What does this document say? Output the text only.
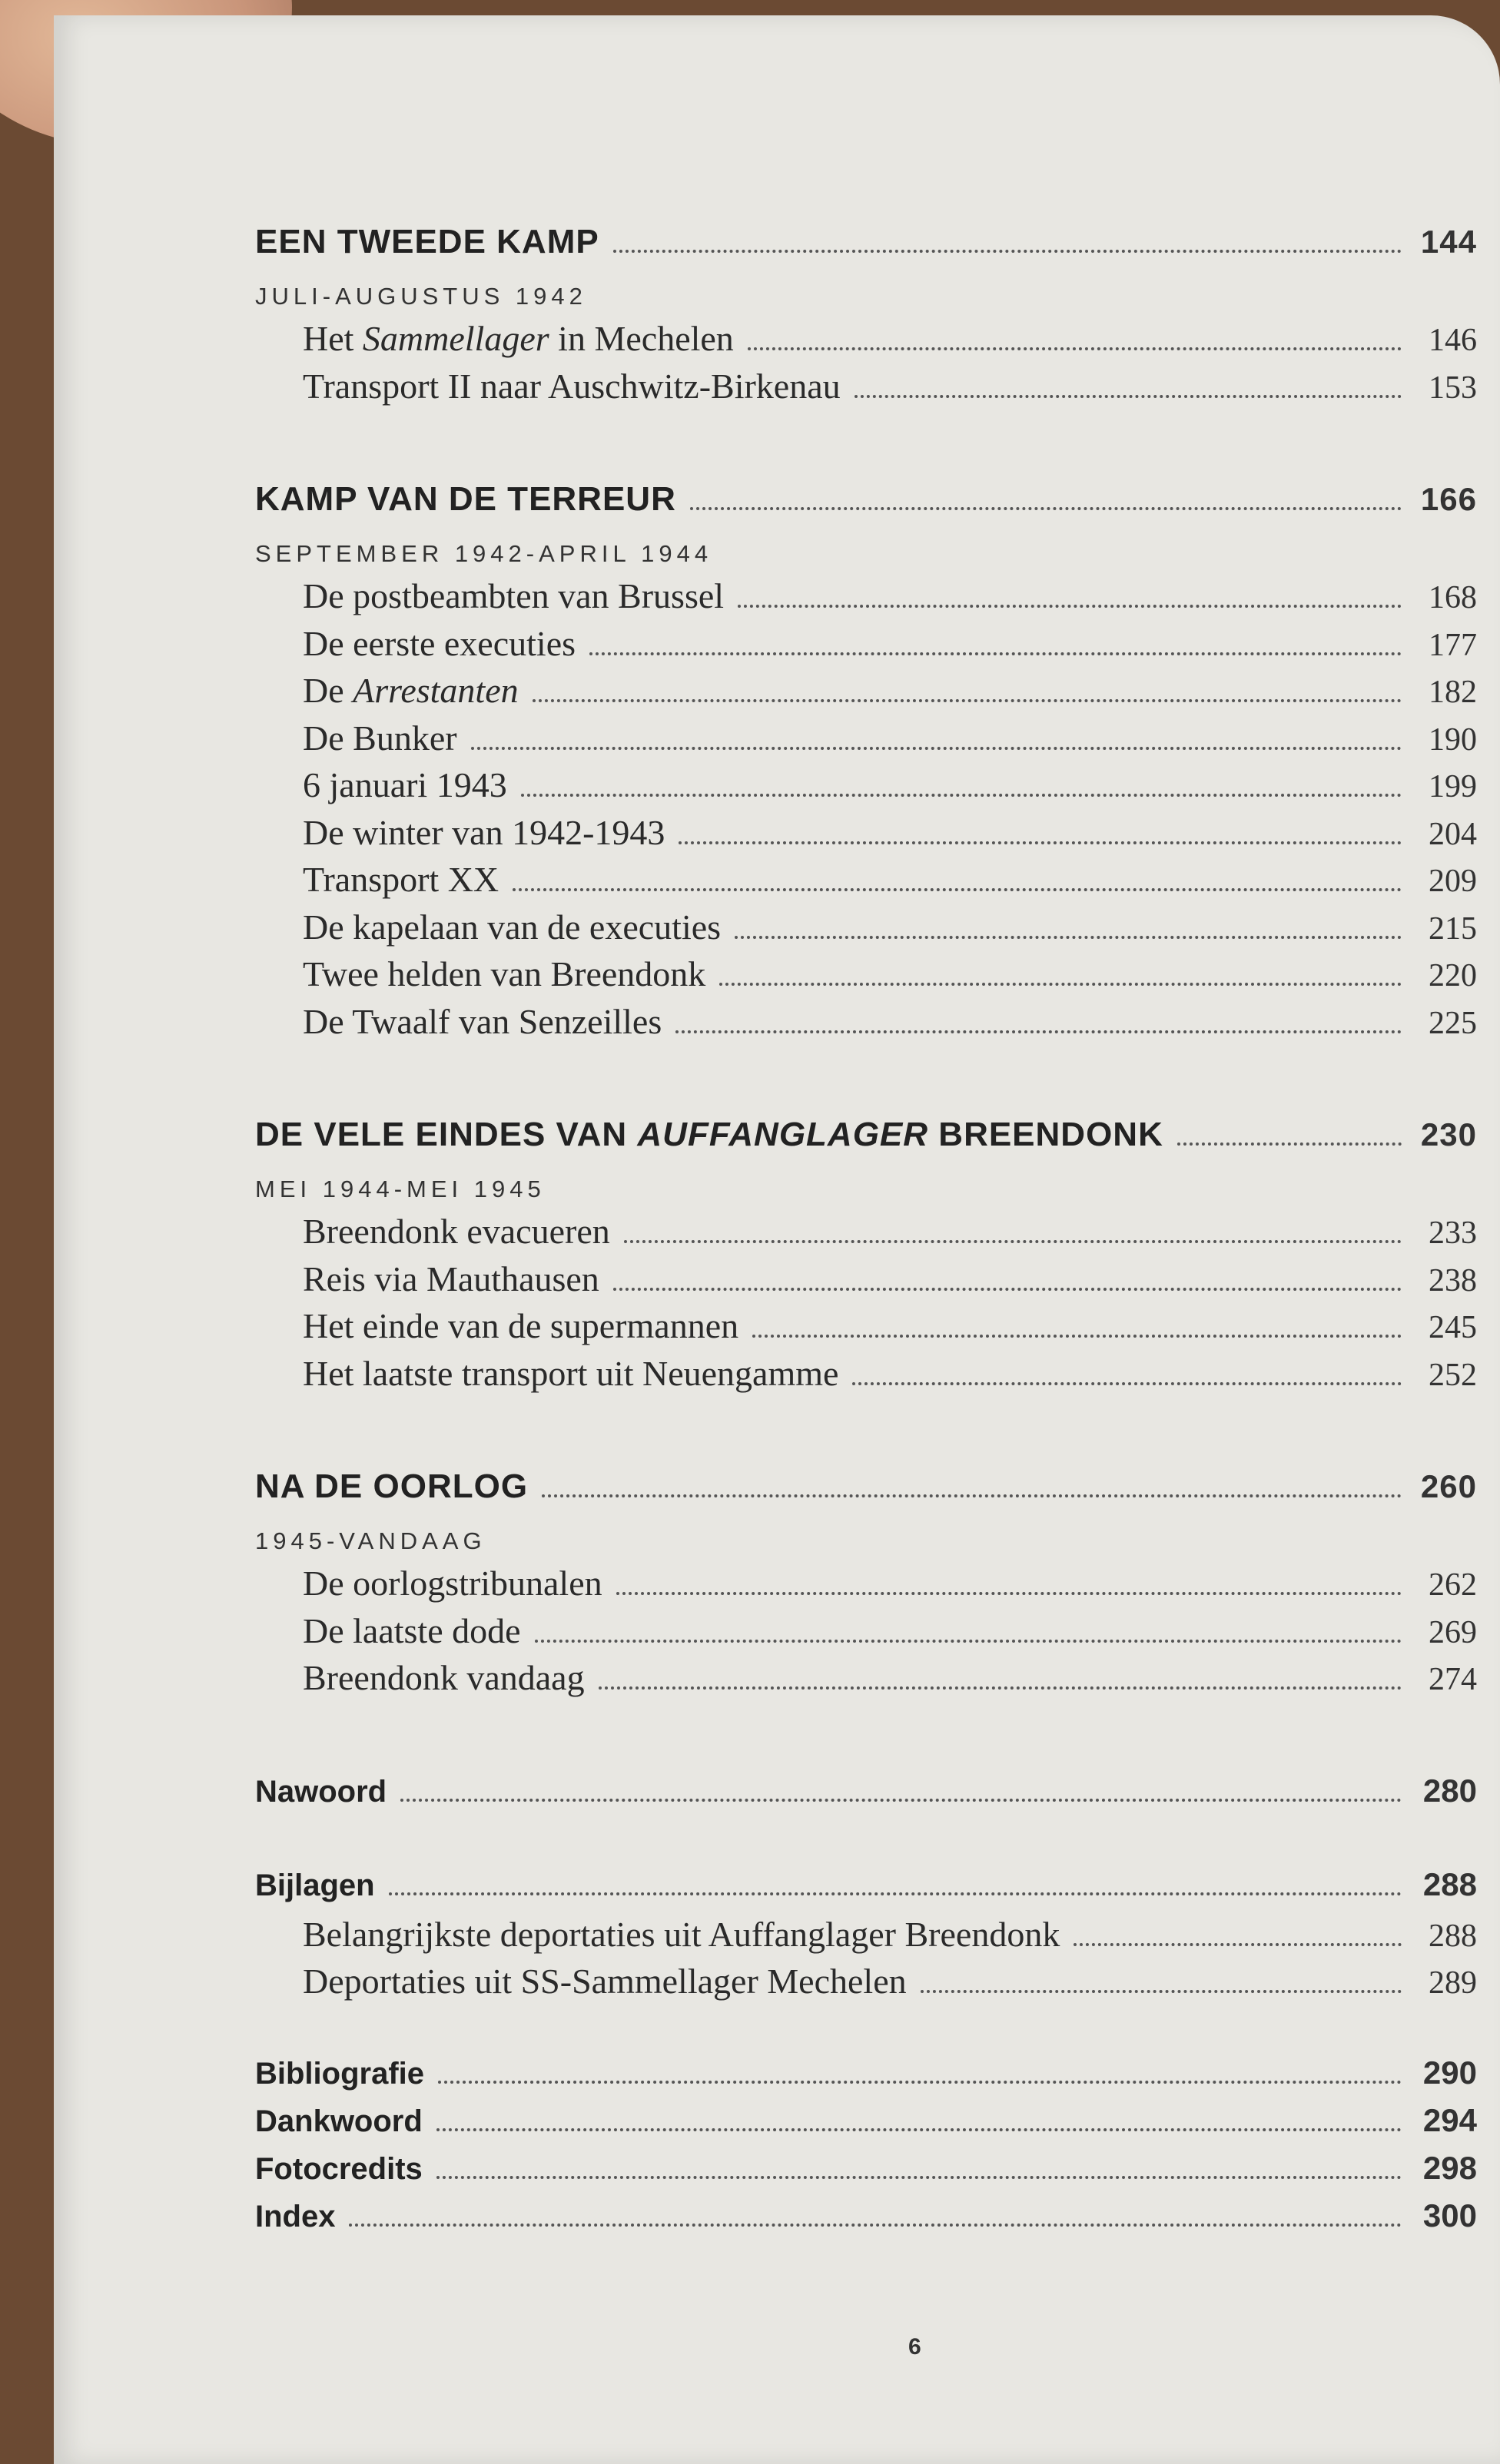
EEN TWEEDE KAMP	144
JULI-AUGUSTUS 1942
Het Sammellager in Mechelen	146
Transport II naar Auschwitz-Birkenau	153
KAMP VAN DE TERREUR	166
SEPTEMBER 1942-APRIL 1944
De postbeambten van Brussel	168
De eerste executies	177
De Arrestanten	182
De Bunker	190
6 januari 1943	199
De winter van 1942-1943	204
Transport XX	209
De kapelaan van de executies	215
Twee helden van Breendonk	220
De Twaalf van Senzeilles	225
DE VELE EINDES VAN AUFFANGLAGER BREENDONK	230
MEI 1944-MEI 1945
Breendonk evacueren	233
Reis via Mauthausen	238
Het einde van de supermannen	245
Het laatste transport uit Neuengamme	252
NA DE OORLOG	260
1945-VANDAAG
De oorlogstribunalen	262
De laatste dode	269
Breendonk vandaag	274
Nawoord	280
Bijlagen	288
Belangrijkste deportaties uit Auffanglager Breendonk	288
Deportaties uit SS-Sammellager Mechelen	289
Bibliografie	290
Dankwoord	294
Fotocredits	298
Index	300
6
